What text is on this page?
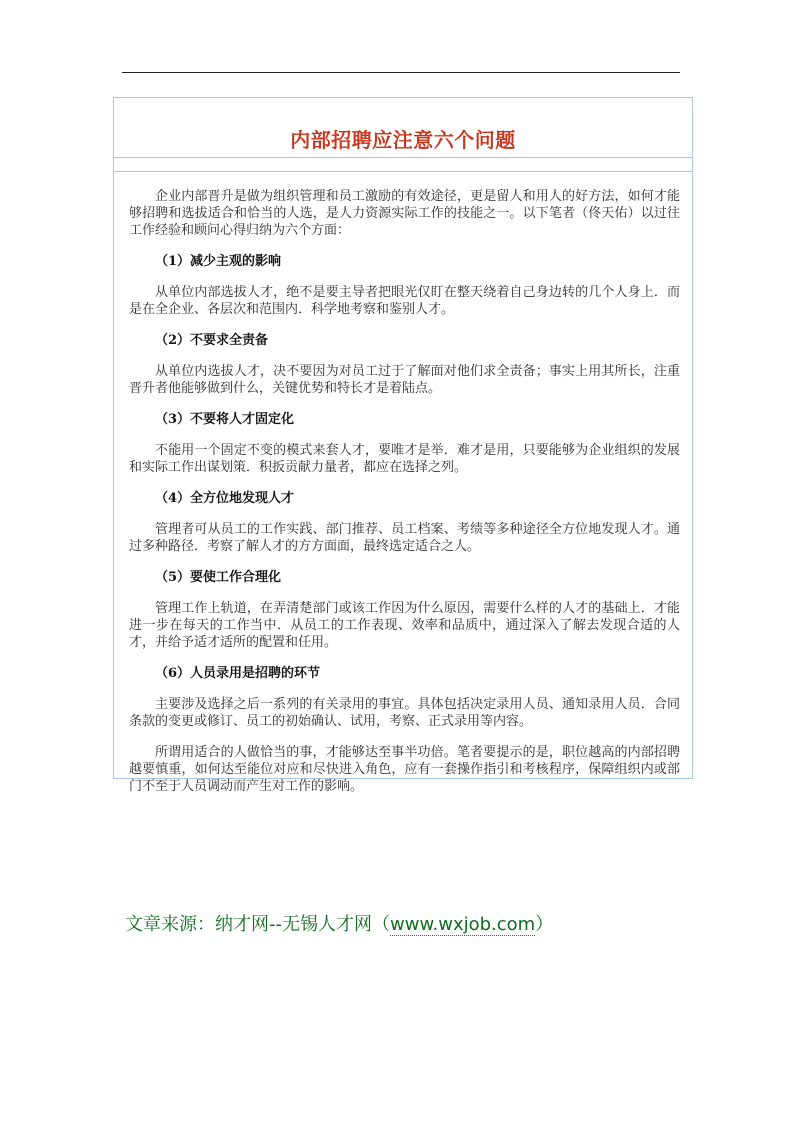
内部招聘应注意六个问题

企业内部晋升是做为组织管理和员工激励的有效途径，更是留人和用人的好方法，如何才能够招聘和选拔适合和恰当的人选，是人力资源实际工作的技能之一。以下笔者（佟天佑）以过往工作经验和顾问心得归纳为六个方面：

（1）减少主观的影响

从单位内部选拔人才，绝不是要主导者把眼光仅盯在整天绕着自己身边转的几个人身上．而是在全企业、各层次和范围内．科学地考察和鉴别人才。

（2）不要求全责备

从单位内选拔人才，决不要因为对员工过于了解面对他们求全责备；事实上用其所长，注重晋升者他能够做到什么，关键优势和特长才是着陆点。

（3）不要将人才固定化

不能用一个固定不变的模式来套人才，要唯才是举．难才是用，只要能够为企业组织的发展和实际工作出谋划策．积扳贡献力量者，都应在选择之列。

（4）全方位地发现人才

管理者可从员工的工作实践、部门推荐、员工档案、考绩等多种途径全方位地发现人才。通过多种路径．考察了解人才的方方面面，最终选定适合之人。

（5）要使工作合理化

管理工作上轨道，在弄清楚部门或该工作因为什么原因，需要什么样的人才的基础上．才能进一步在每天的工作当中．从员工的工作表现、效率和品质中，通过深入了解去发现合适的人才，并给予适才适所的配置和任用。

（6）人员录用是招聘的环节

主要涉及选择之后一系列的有关录用的事宜。具体包括决定录用人员、通知录用人员．合同条款的变更或修订、员工的初始确认、试用，考察、正式录用等内容。

所谓用适合的人做恰当的事，才能够达至事半功倍。笔者要提示的是，职位越高的内部招聘越要慎重，如何达至能位对应和尽快进入角色，应有一套操作指引和考核程序，保障组织内或部门不至于人员调动而产生对工作的影响。

文章来源：纳才网--无锡人才网（www.wxjob.com）
